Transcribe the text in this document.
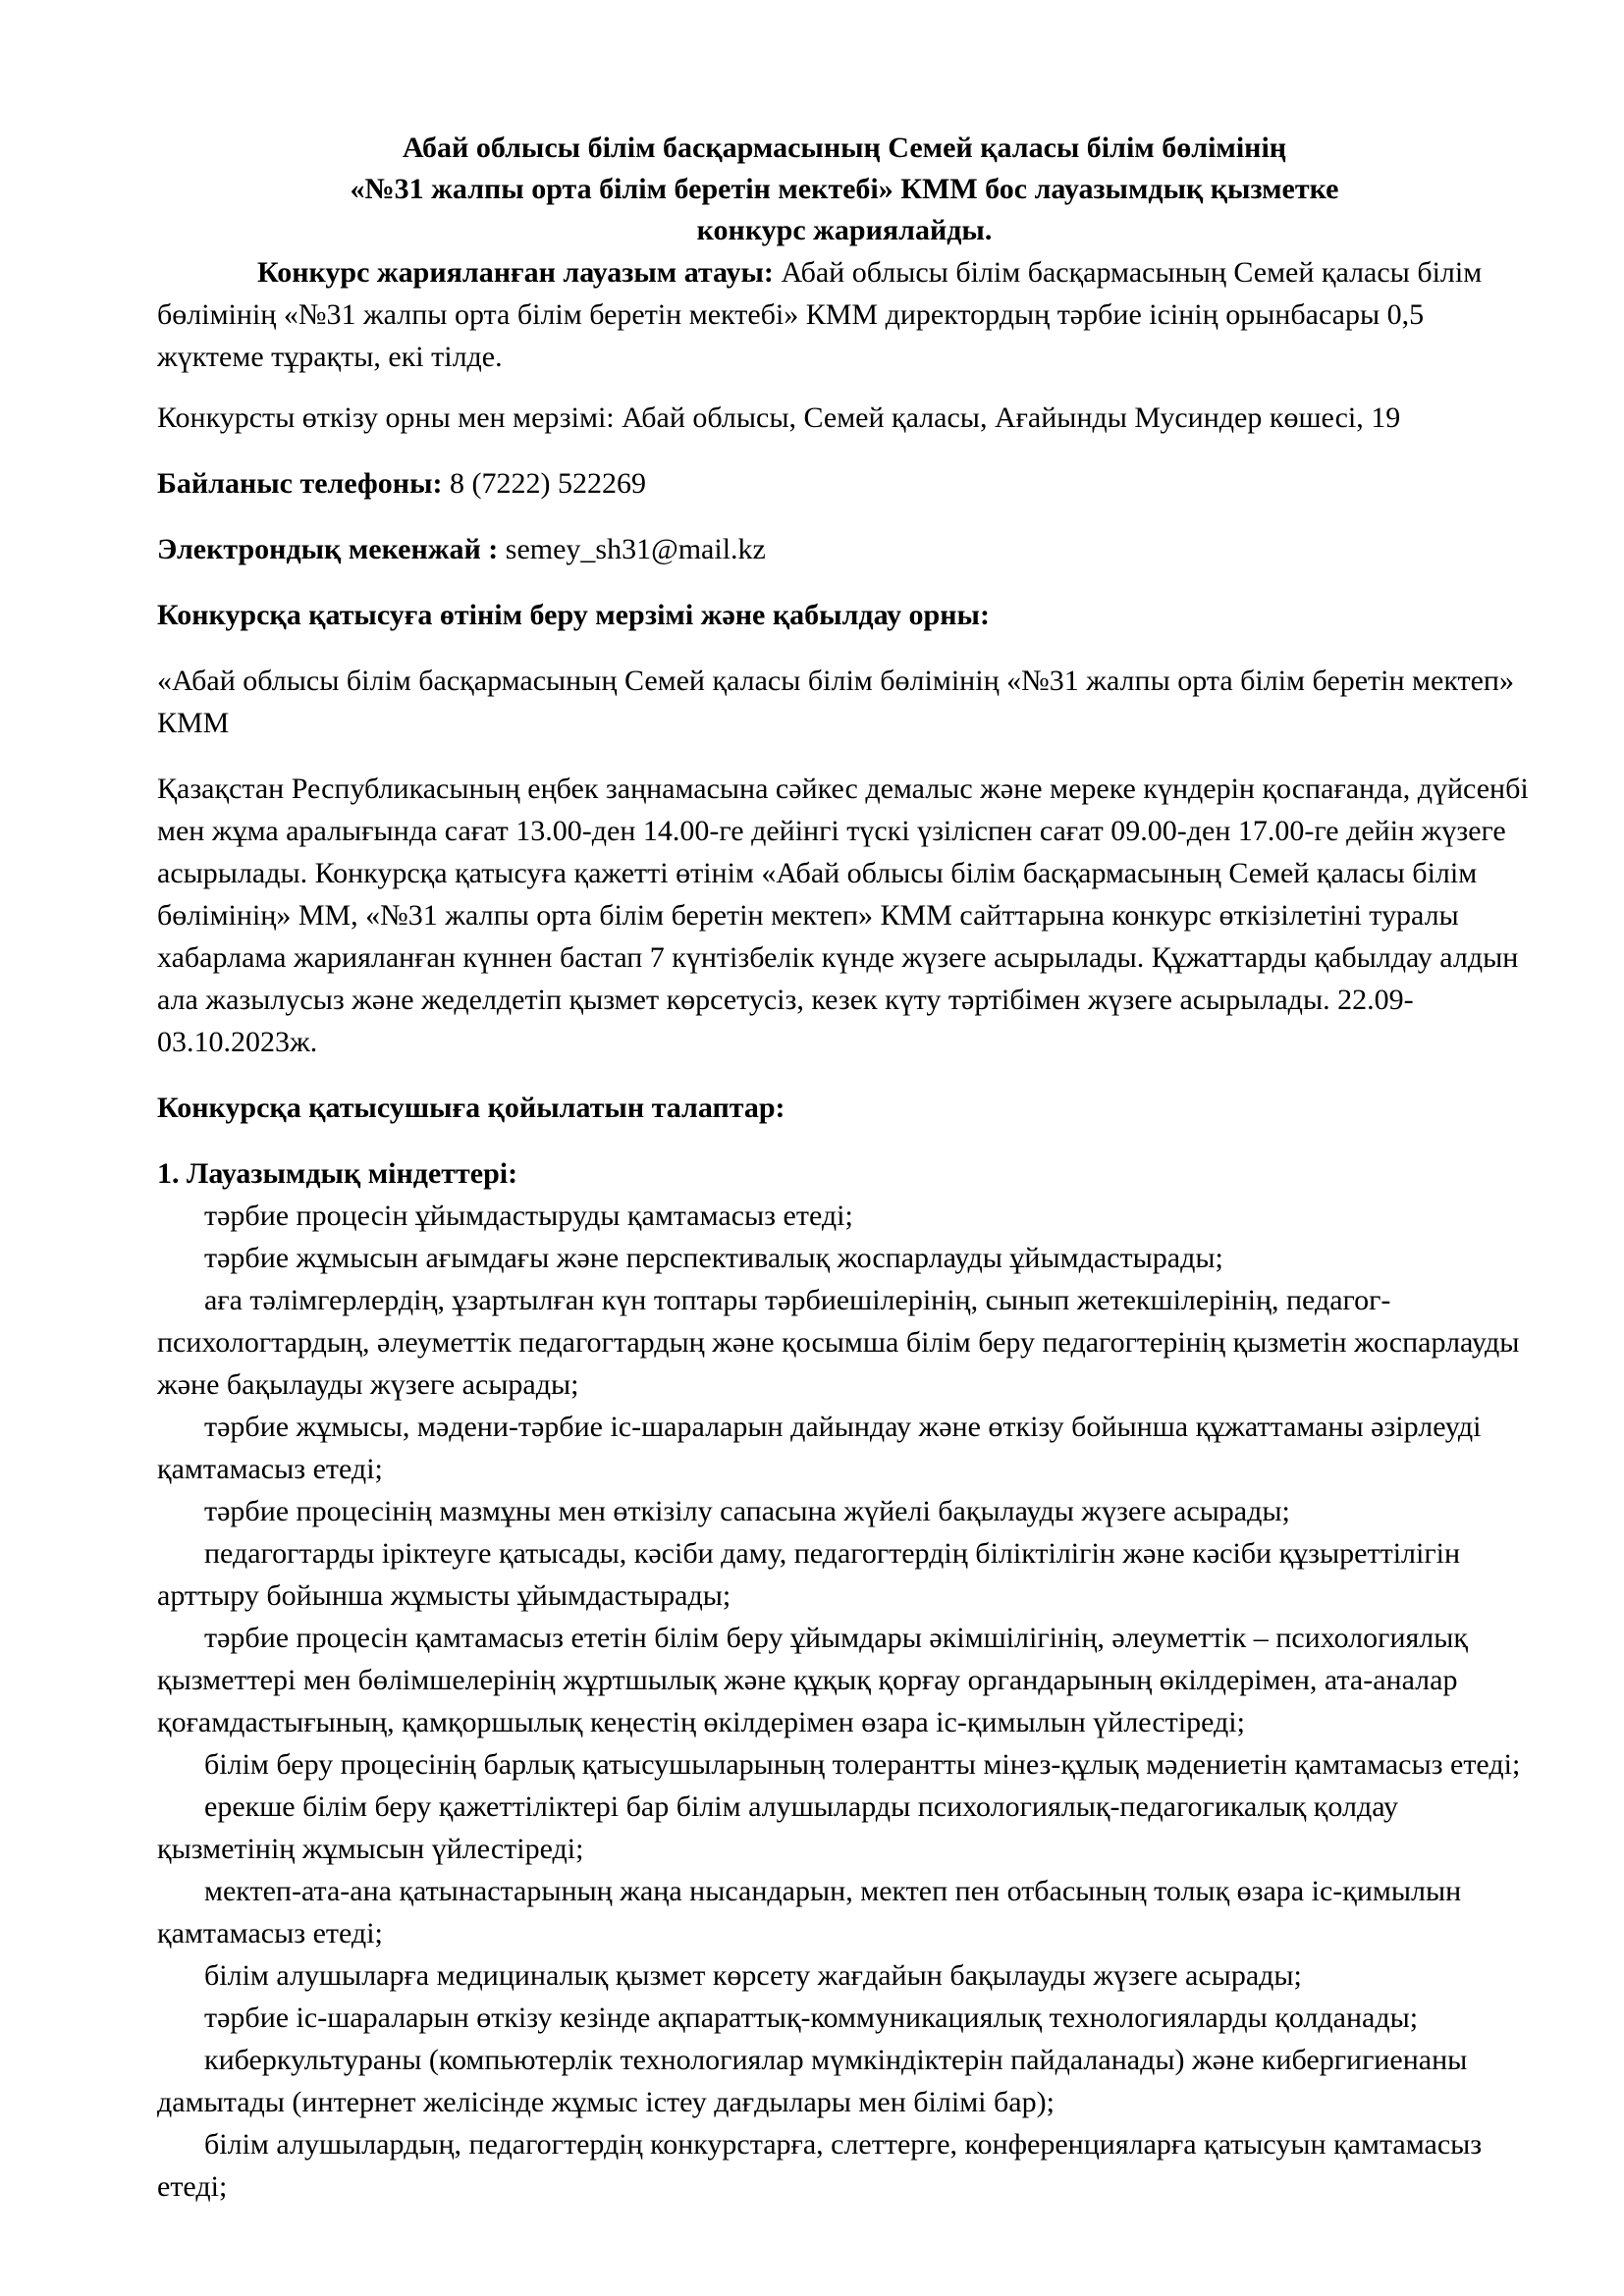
Абай облысы білім басқармасының Семей қаласы білім бөлімінің
«№31 жалпы орта білім беретін мектебі» КММ бос лауазымдық қызметке
конкурс жариялайды.

Конкурс жарияланған лауазым атауы: Абай облысы білім басқармасының Семей қаласы білім бөлімінің «№31 жалпы орта білім беретін мектебі» КММ директордың тәрбие ісінің орынбасары 0,5 жүктеме тұрақты, екі тілде.

Конкурсты өткізу орны мен мерзімі: Абай облысы, Семей қаласы, Ағайынды Мусиндер көшесі, 19

Байланыс телефоны: 8 (7222) 522269

Электрондық мекенжай : semey_sh31@mail.kz

Конкурсқа қатысуға өтінім беру мерзімі және қабылдау орны:

«Абай облысы білім басқармасының Семей қаласы білім бөлімінің «№31 жалпы орта білім беретін мектеп» КММ

Қазақстан Республикасының еңбек заңнамасына сәйкес демалыс және мереке күндерін қоспағанда, дүйсенбі мен жұма аралығында сағат 13.00-ден 14.00-ге дейінгі түскі үзіліспен сағат 09.00-ден 17.00-ге дейін жүзеге асырылады. Конкурсқа қатысуға қажетті өтінім «Абай облысы білім басқармасының Семей қаласы білім бөлімінің» ММ, «№31 жалпы орта білім беретін мектеп» КММ сайттарына конкурс өткізілетіні туралы хабарлама жарияланған күннен бастап 7 күнтізбелік күнде жүзеге асырылады. Құжаттарды қабылдау алдын ала жазылусыз және жеделдетіп қызмет көрсетусіз, кезек күту тәртібімен жүзеге асырылады. 22.09-03.10.2023ж.

Конкурсқа қатысушыға қойылатын талаптар:

1. Лауазымдық міндеттері:

тәрбие процесін ұйымдастыруды қамтамасыз етеді;

тәрбие жұмысын ағымдағы және перспективалық жоспарлауды ұйымдастырады;

аға тәлімгерлердің, ұзартылған күн топтары тәрбиешілерінің, сынып жетекшілерінің, педагог-психологтардың, әлеуметтік педагогтардың және қосымша білім беру педагогтерінің қызметін жоспарлауды және бақылауды жүзеге асырады;

тәрбие жұмысы, мәдени-тәрбие іс-шараларын дайындау және өткізу бойынша құжаттаманы әзірлеуді қамтамасыз етеді;

тәрбие процесінің мазмұны мен өткізілу сапасына жүйелі бақылауды жүзеге асырады;

педагогтарды іріктеуге қатысады, кәсіби даму, педагогтердің біліктілігін және кәсіби құзыреттілігін арттыру бойынша жұмысты ұйымдастырады;

тәрбие процесін қамтамасыз ететін білім беру ұйымдары әкімшілігінің, әлеуметтік – психологиялық қызметтері мен бөлімшелерінің жұртшылық және құқық қорғау органдарының өкілдерімен, ата-аналар қоғамдастығының, қамқоршылық кеңестің өкілдерімен өзара іс-қимылын үйлестіреді;

білім беру процесінің барлық қатысушыларының толерантты мінез-құлық мәдениетін қамтамасыз етеді;

ерекше білім беру қажеттіліктері бар білім алушыларды психологиялық-педагогикалық қолдау қызметінің жұмысын үйлестіреді;

мектеп-ата-ана қатынастарының жаңа нысандарын, мектеп пен отбасының толық өзара іс-қимылын қамтамасыз етеді;

білім алушыларға медициналық қызмет көрсету жағдайын бақылауды жүзеге асырады;

тәрбие іс-шараларын өткізу кезінде ақпараттық-коммуникациялық технологияларды қолданады;

киберкультураны (компьютерлік технологиялар мүмкіндіктерін пайдаланады) және кибергигиенаны дамытады (интернет желісінде жұмыс істеу дағдылары мен білімі бар);

білім алушылардың, педагогтердің конкурстарға, слеттерге, конференцияларға қатысуын қамтамасыз етеді;
